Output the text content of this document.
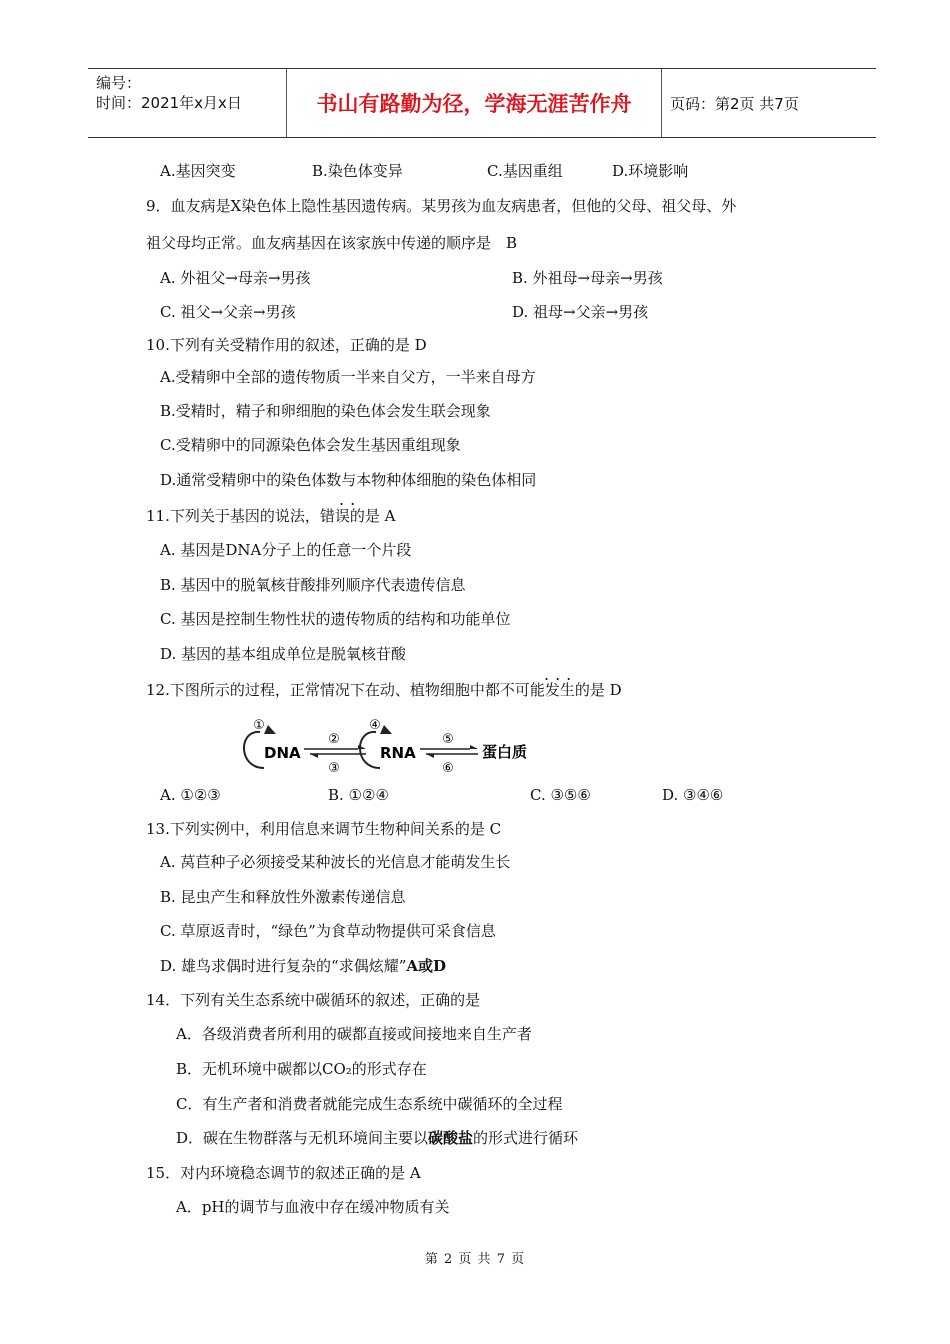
编号：
时间：2021年x月x日	书山有路勤为径，学海无涯苦作舟	页码：第2页 共7页
A.基因突变	B.染色体变异	C.基因重组	D.环境影响
9．血友病是X染色体上隐性基因遗传病。某男孩为血友病患者，但他的父母、祖父母、外
祖父母均正常。血友病基因在该家族中传递的顺序是　B
A. 外祖父→母亲→男孩	B. 外祖母→母亲→男孩
C. 祖父→父亲→男孩	D. 祖母→父亲→男孩
10.下列有关受精作用的叙述，正确的是 D
A.受精卵中全部的遗传物质一半来自父方，一半来自母方
B.受精时，精子和卵细胞的染色体会发生联会现象
C.受精卵中的同源染色体会发生基因重组现象
D.通常受精卵中的染色体数与本物种体细胞的染色体相同
..
11.下列关于基因的说法，错误的是 A
A. 基因是DNA分子上的任意一个片段
B. 基因中的脱氧核苷酸排列顺序代表遗传信息
C. 基因是控制生物性状的遗传物质的结构和功能单位
D. 基因的基本组成单位是脱氧核苷酸
...
12.下图所示的过程，正常情况下在动、植物细胞中都不可能发生的是 D
①
DNA
②
③
④
RNA
⑤
⑥
蛋白质
A. ①②③	B. ①②④	C. ③⑤⑥	D. ③④⑥
13.下列实例中，利用信息来调节生物种间关系的是 C
A. 莴苣种子必须接受某种波长的光信息才能萌发生长
B. 昆虫产生和释放性外激素传递信息
C. 草原返青时，“绿色”为食草动物提供可采食信息
D. 雄鸟求偶时进行复杂的“求偶炫耀”A或D
14．下列有关生态系统中碳循环的叙述，正确的是
A．各级消费者所利用的碳都直接或间接地来自生产者
B．无机环境中碳都以CO₂的形式存在
C．有生产者和消费者就能完成生态系统中碳循环的全过程
D．碳在生物群落与无机环境间主要以碳酸盐的形式进行循环
15．对内环境稳态调节的叙述正确的是 A
A．pH的调节与血液中存在缓冲物质有关
第 2 页 共 7 页
